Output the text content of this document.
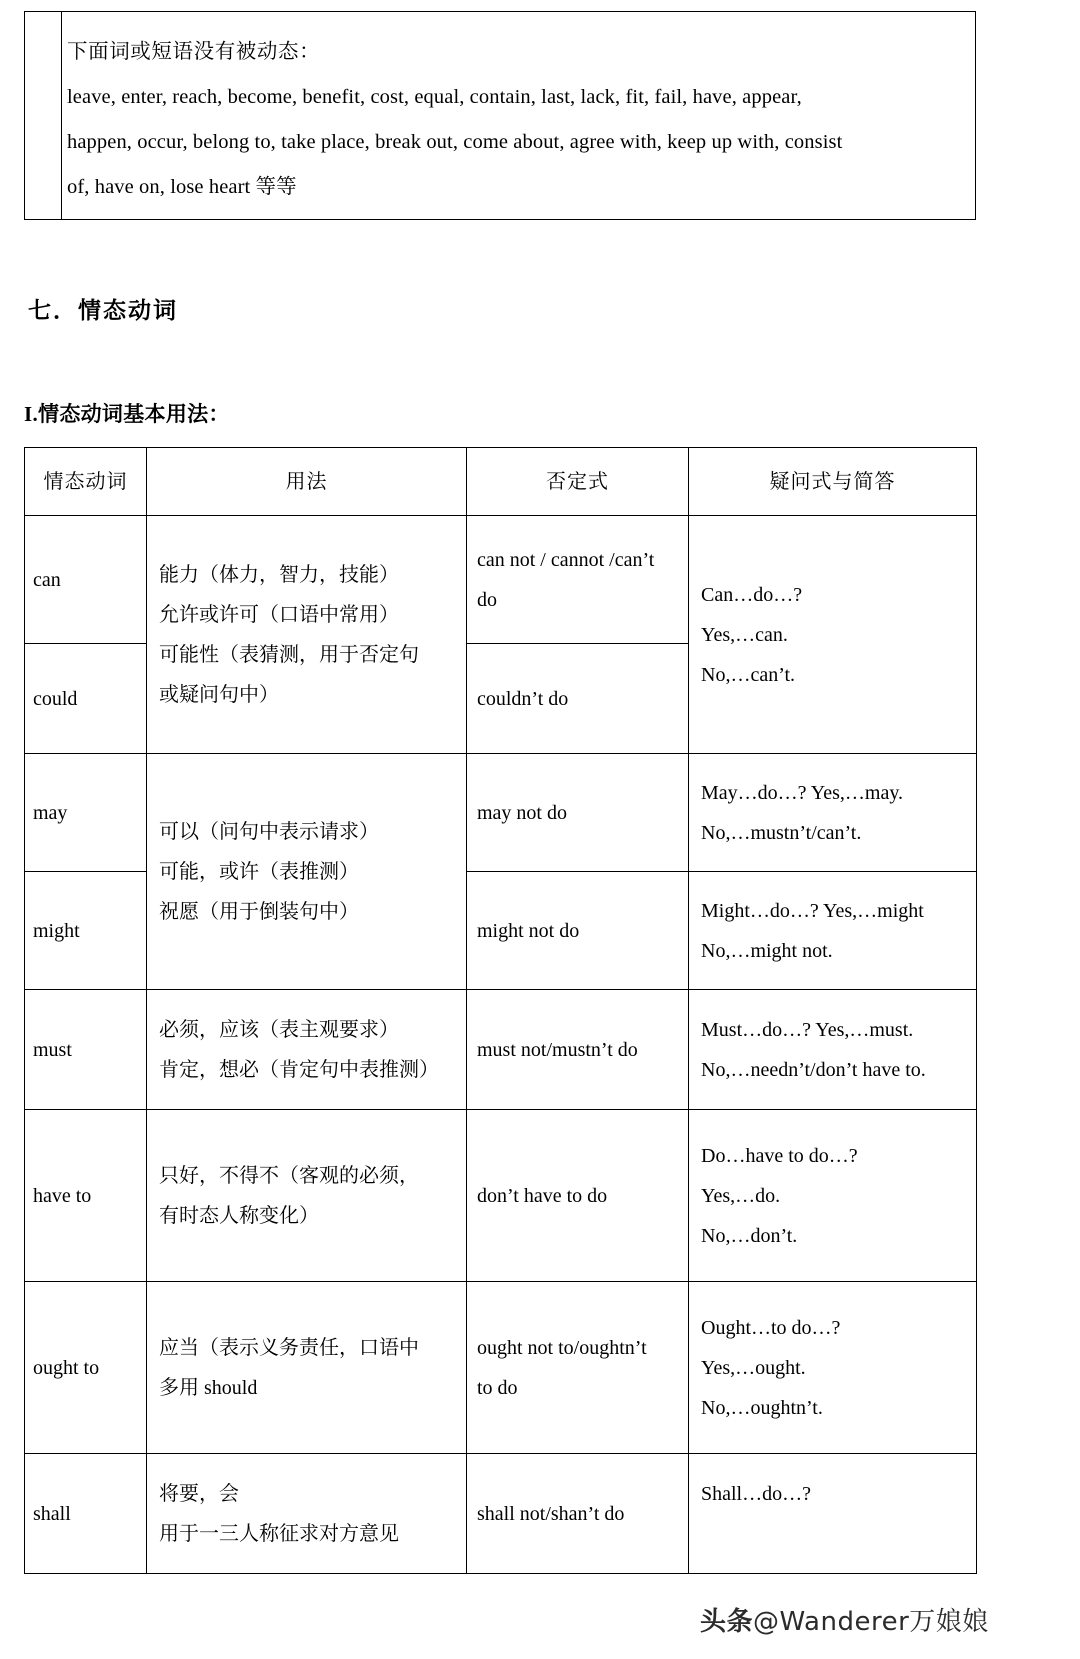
下面词或短语没有被动态：
leave, enter, reach, become, benefit, cost, equal, contain, last, lack, fit, fail, have, appear,
happen, occur, belong to, take place, break out, come about, agree with, keep up with, consist
of, have on, lose heart 等等
七．情态动词
I.情态动词基本用法：
情态动词	用法	否定式	疑问式与简答
can	能力（体力，智力，技能）
允许或许可（口语中常用）
可能性（表猜测，用于否定句
或疑问句中）	can not / cannot /can’t
do	Can…do…?
Yes,…can.
No,…can’t.

could		couldn’t do	

may	可以（问句中表示请求）
可能，或许（表推测）
祝愿（用于倒装句中）	may not do	May…do…? Yes,…may.
No,…mustn’t/can’t.

might		might not do	Might…do…? Yes,…might
No,…might not.

must	必须，应该（表主观要求）
肯定，想必（肯定句中表推测）	must not/mustn’t do	Must…do…? Yes,…must.
No,…needn’t/don’t have to.

have to	只好，不得不（客观的必须，
有时态人称变化）	don’t have to do	Do…have to do…?
Yes,…do.
No,…don’t.

ought to	应当（表示义务责任，口语中
多用 should	ought not to/oughtn’t
to do	Ought…to do…?
Yes,…ought.
No,…oughtn’t.

shall	将要，会
用于一三人称征求对方意见	shall not/shan’t do	Shall…do…?

头条@Wanderer万娘娘
